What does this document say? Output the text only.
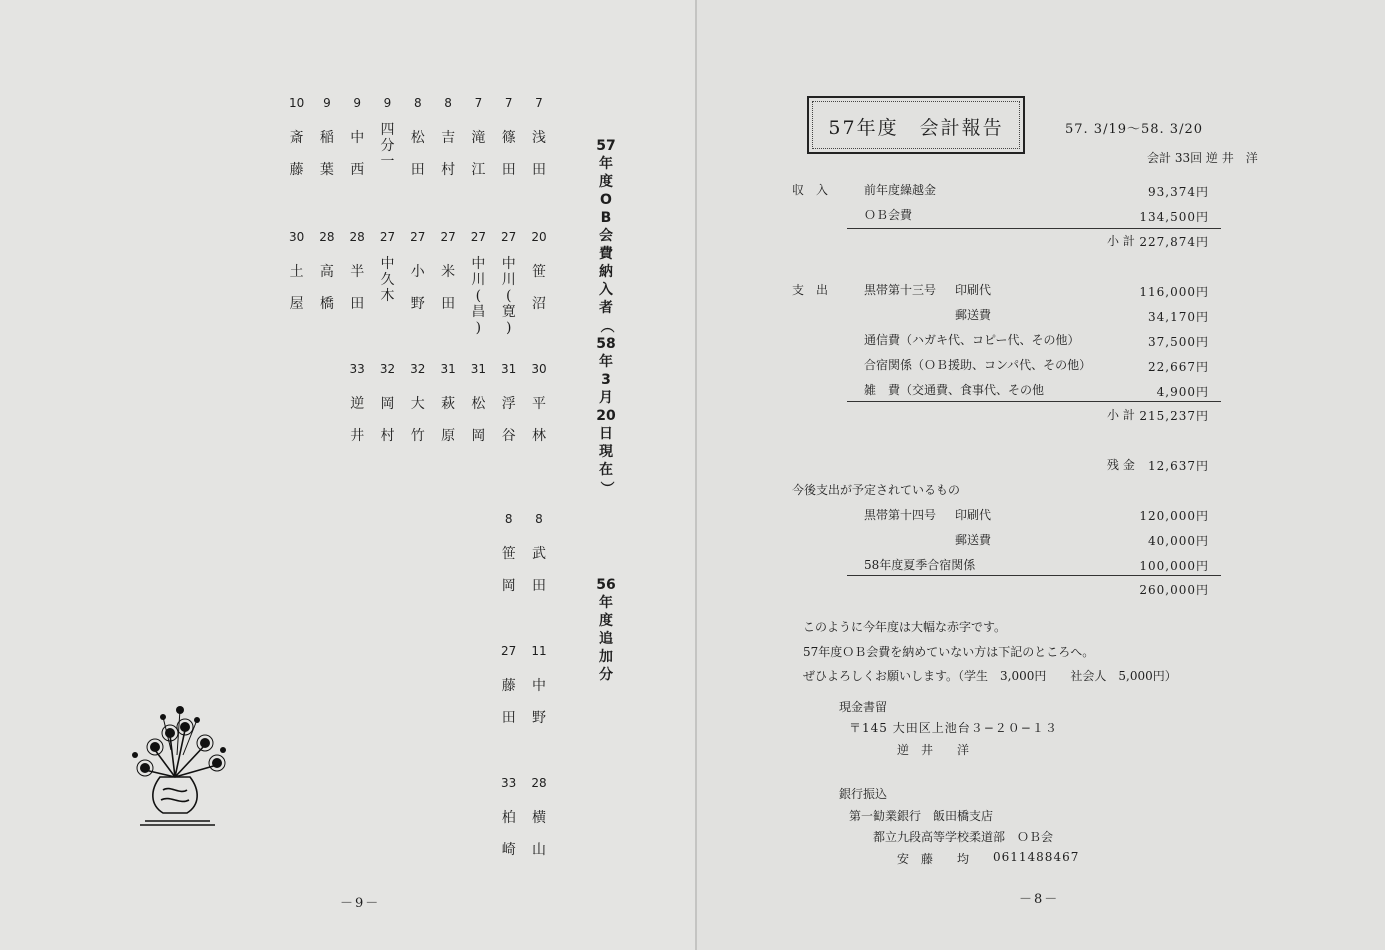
7
浅
田
7
篠
田
7
滝
江
8
吉
村
8
松
田
9
四
分
一
9
中
西
9
稲
葉
10
斎
藤
20
笹
沼
27
中
川
(
寛
)
27
中
川
(
昌
)
27
米
田
27
小
野
27
中
久
木
28
半
田
28
高
橋
30
土
屋
30
平
林
31
浮
谷
31
松
岡
31
萩
原
32
大
竹
32
岡
村
33
逆
井
8
武
田
8
笹
岡
11
中
野
27
藤
田
28
横
山
33
柏
崎
57
年
度
O
B
会
費
納
入
者
（
58
年
3
月
20
日
現
在
）
56
年
度
追
加
分
－9－
57年度　会計報告	57. 3/19～58. 3/20
会計 33回 逆 井　洋
収　入	前年度繰越金	93,374円
ＯＢ会費	134,500円
小 計 227,874円
支　出	黒帯第十三号 印刷代	116,000円
郵送費	34,170円
通信費（ハガキ代、コピー代、その他）	37,500円
合宿関係（ＯＢ援助、コンパ代、その他）	22,667円
雑　費（交通費、食事代、その他	4,900円
小 計 215,237円
残 金 12,637円
今後支出が予定されているもの
黒帯第十四号 印刷代	120,000円
郵送費	40,000円
58年度夏季合宿関係	100,000円
260,000円
このように今年度は大幅な赤字です。
57年度ＯＢ会費を納めていない方は下記のところへ。
ぜひよろしくお願いします。（学生　3,000円　　社会人　5,000円）
現金書留
〒145 大田区上池台３−２０−１３
逆　井　　洋
銀行振込
第一勧業銀行　飯田橋支店
都立九段高等学校柔道部　ＯＢ会
安　藤　　均 0611488467
－8－
